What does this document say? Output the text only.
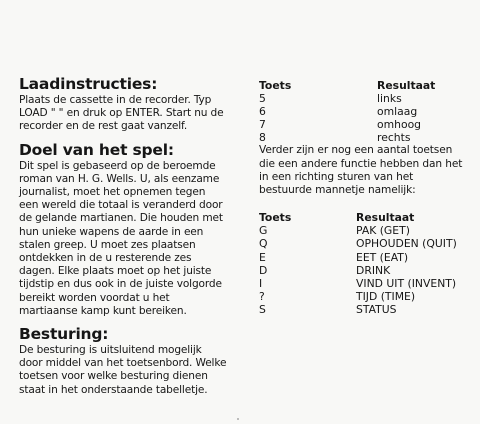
Laadinstructies:

Plaats de cassette in de recorder. Typ LOAD " " en druk op ENTER. Start nu de recorder en de rest gaat vanzelf.

Doel van het spel:

Dit spel is gebaseerd op de beroemde roman van H. G. Wells. U, als eenzame journalist, moet het opnemen tegen een wereld die totaal is veranderd door de gelande martianen. Die houden met hun unieke wapens de aarde in een stalen greep. U moet zes plaatsen ontdekken in de u resterende zes dagen. Elke plaats moet op het juiste tijdstip en dus ook in de juiste volgorde bereikt worden voordat u het martiaanse kamp kunt bereiken.

Besturing:

De besturing is uitsluitend mogelijk door middel van het toetsenbord. Welke toetsen voor welke besturing dienen staat in het onderstaande tabelletje.

Toets	Resultaat
5	links
6	omlaag
7	omhoog
8	rechts

Verder zijn er nog een aantal toetsen die een andere functie hebben dan het in een richting sturen van het bestuurde mannetje namelijk:

Toets	Resultaat
G	PAK (GET)
Q	OPHOUDEN (QUIT)
E	EET (EAT)
D	DRINK
I	VIND UIT (INVENT)
?	TIJD (TIME)
S	STATUS
